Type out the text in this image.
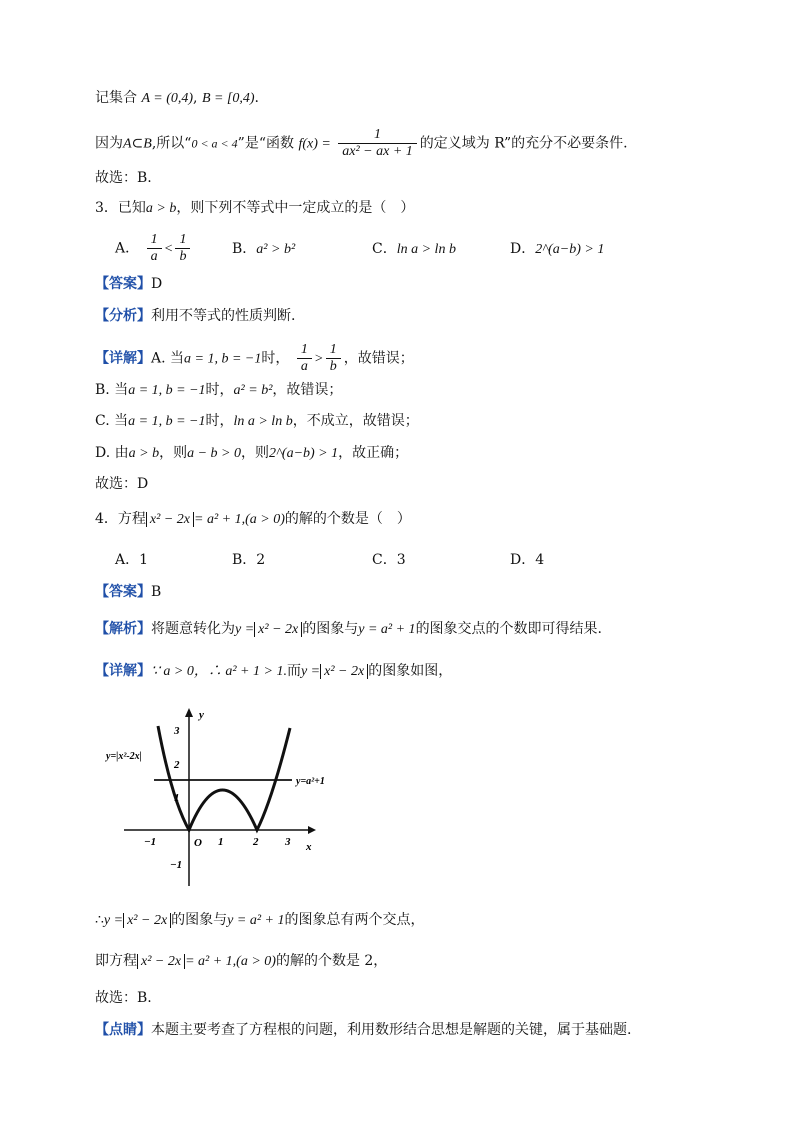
记集合 A = (0,4), B = [0,4).
因为A⊂B,所以“0 < a < 4”是“函数 $f(x) = \frac{1}{\text{ax² − ax + 1}}$ 的定义域为 R”的充分不必要条件.
故选：B.
3．已知a > b，则下列不等式中一定成立的是（　）
A． $\frac{1}{a} < \frac{1}{b}$	B．a² > b²	C．ln a > ln b	D．2^(a−b) > 1
【答案】D
【分析】利用不等式的性质判断.
【详解】A. 当a = 1, b = −1时， $\frac{1}{a} > \frac{1}{b}$ ，故错误；
B. 当a = 1, b = −1时，a² = b²，故错误；
C. 当a = 1, b = −1时，ln a > ln b，不成立，故错误；
D. 由a > b，则a − b > 0，则2^(a−b) > 1，故正确；
故选：D
4．方程 x² − 2x = a² + 1,(a > 0)的解的个数是（　）
A．1	B．2	C．3	D．4
【答案】B
【解析】将题意转化为y = x² − 2x 的图象与y = a² + 1的图象交点的个数即可得结果.
【详解】∵ a > 0，∴ a² + 1 > 1.而y = x² − 2x 的图象如图，
y
x
O
y=|x²-2x|
y=a²+1
−1	1	2 3
3
2
1
−1
∴y = x² − 2x 的图象与y = a² + 1的图象总有两个交点，
即方程 x² − 2x = a² + 1,(a > 0)的解的个数是 2，
故选：B.
【点睛】本题主要考查了方程根的问题，利用数形结合思想是解题的关键，属于基础题.
